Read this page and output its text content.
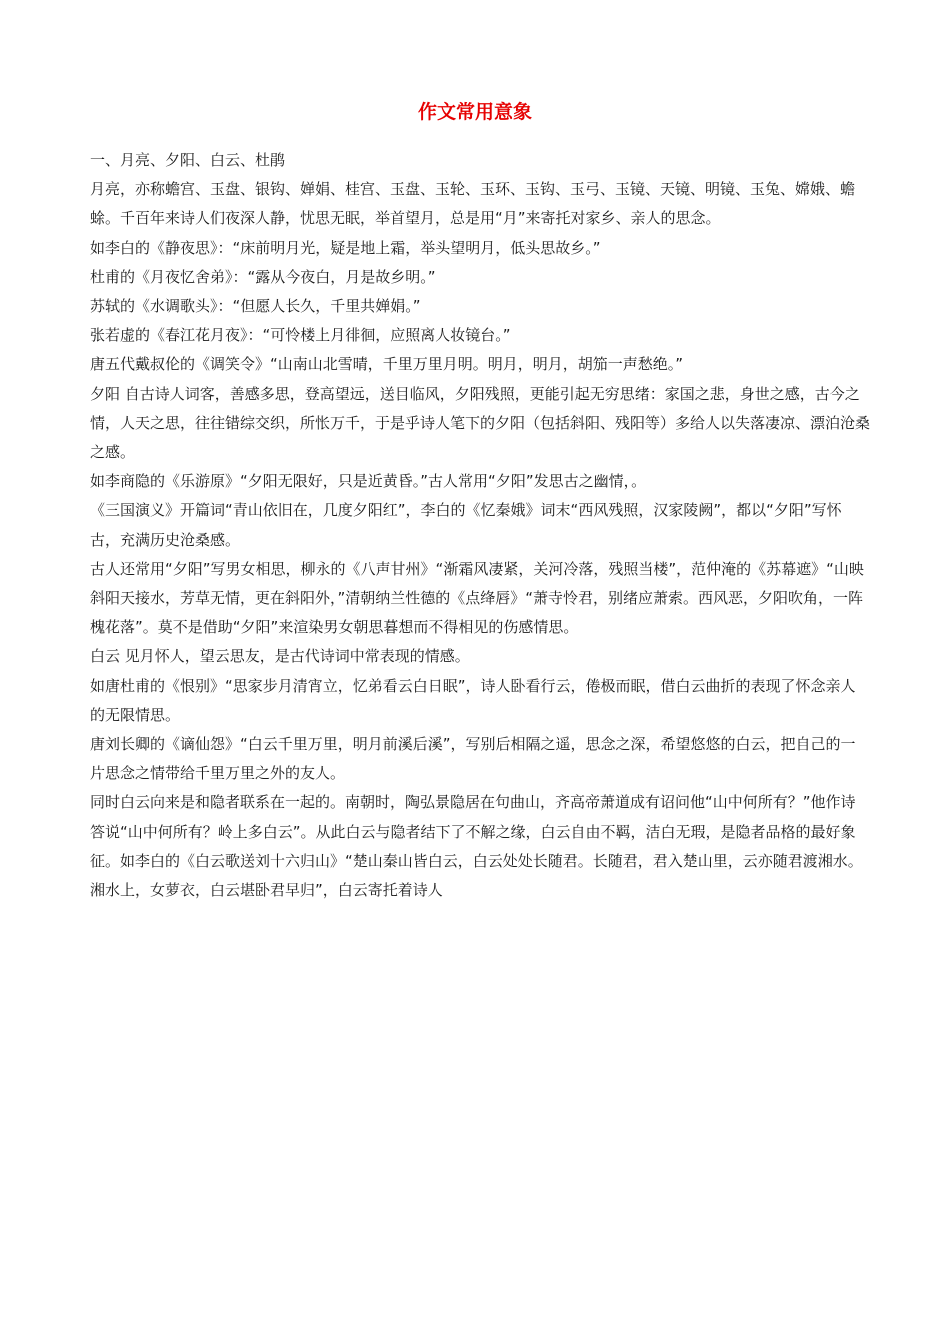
作文常用意象

一、月亮、夕阳、白云、杜鹃

月亮，亦称蟾宫、玉盘、银钩、婵娟、桂宫、玉盘、玉轮、玉环、玉钩、玉弓、玉镜、天镜、明镜、玉兔、嫦娥、蟾蜍。千百年来诗人们夜深人静，忧思无眠，举首望月，总是用“月”来寄托对家乡、亲人的思念。

如李白的《静夜思》：“床前明月光，疑是地上霜，举头望明月，低头思故乡。”

杜甫的《月夜忆舍弟》：“露从今夜白，月是故乡明。”

苏轼的《水调歌头》：“但愿人长久，千里共婵娟。”

张若虚的《春江花月夜》：“可怜楼上月徘徊，应照离人妆镜台。”

唐五代戴叔伦的《调笑令》“山南山北雪晴，千里万里月明。明月，明月，胡笳一声愁绝。”

夕阳 自古诗人词客，善感多思，登高望远，送目临风，夕阳残照，更能引起无穷思绪：家国之悲，身世之感，古今之情，人天之思，往往错综交织，所怅万千，于是乎诗人笔下的夕阳（包括斜阳、残阳等）多给人以失落凄凉、漂泊沧桑之感。

如李商隐的《乐游原》“夕阳无限好，只是近黄昏。”古人常用“夕阳”发思古之幽情，。

《三国演义》开篇词“青山依旧在，几度夕阳红”，李白的《忆秦娥》词末“西风残照，汉家陵阙”，都以“夕阳”写怀古，充满历史沧桑感。

古人还常用“夕阳”写男女相思，柳永的《八声甘州》“渐霜风凄紧，关河冷落，残照当楼”，范仲淹的《苏幕遮》“山映斜阳天接水，芳草无情，更在斜阳外，”清朝纳兰性德的《点绛唇》“萧寺怜君，别绪应萧索。西风恶，夕阳吹角，一阵槐花落”。莫不是借助“夕阳”来渲染男女朝思暮想而不得相见的伤感情思。

白云 见月怀人，望云思友，是古代诗词中常表现的情感。

如唐杜甫的《恨别》“思家步月清宵立，忆弟看云白日眠”，诗人卧看行云，倦极而眠，借白云曲折的表现了怀念亲人的无限情思。

唐刘长卿的《谪仙怨》“白云千里万里，明月前溪后溪”，写别后相隔之遥，思念之深，希望悠悠的白云，把自己的一片思念之情带给千里万里之外的友人。

同时白云向来是和隐者联系在一起的。南朝时，陶弘景隐居在句曲山，齐高帝萧道成有诏问他“山中何所有？”他作诗答说“山中何所有？岭上多白云”。从此白云与隐者结下了不解之缘，白云自由不羁，洁白无瑕，是隐者品格的最好象征。如李白的《白云歌送刘十六归山》“楚山秦山皆白云，白云处处长随君。长随君，君入楚山里，云亦随君渡湘水。湘水上，女萝衣，白云堪卧君早归”，白云寄托着诗人
